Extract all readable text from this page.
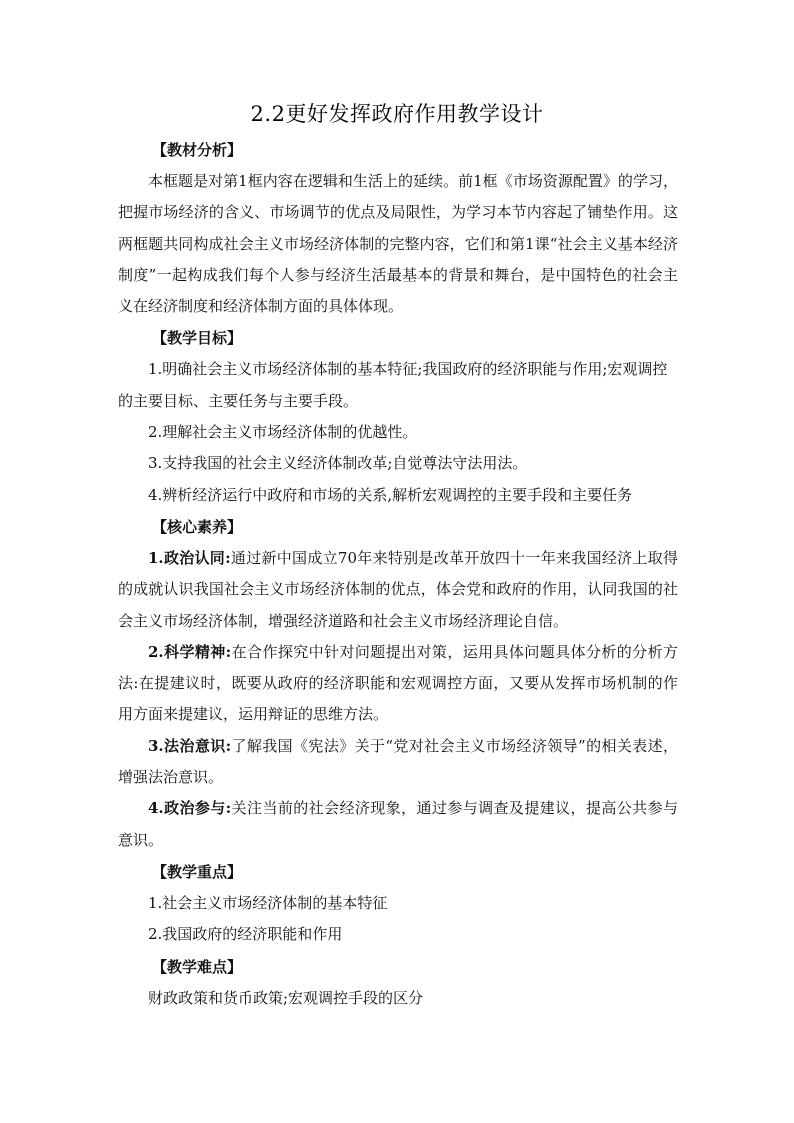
2.2更好发挥政府作用教学设计
【教材分析】

本框题是对第1框内容在逻辑和生活上的延续。前1框《市场资源配置》的学习，把握市场经济的含义、市场调节的优点及局限性，为学习本节内容起了铺垫作用。这两框题共同构成社会主义市场经济体制的完整内容，它们和第1课“社会主义基本经济制度”一起构成我们每个人参与经济生活最基本的背景和舞台，是中国特色的社会主义在经济制度和经济体制方面的具体体现。

【教学目标】

1.明确社会主义市场经济体制的基本特征;我国政府的经济职能与作用;宏观调控的主要目标、主要任务与主要手段。

2.理解社会主义市场经济体制的优越性。

3.支持我国的社会主义经济体制改革;自觉尊法守法用法。

4.辨析经济运行中政府和市场的关系,解析宏观调控的主要手段和主要任务

【核心素养】

1.政治认同:通过新中国成立70年来特别是改革开放四十一年来我国经济上取得的成就认识我国社会主义市场经济体制的优点，体会党和政府的作用，认同我国的社会主义市场经济体制，增强经济道路和社会主义市场经济理论自信。

2.科学精神:在合作探究中针对问题提出对策，运用具体问题具体分析的分析方法:在提建议时，既要从政府的经济职能和宏观调控方面，又要从发挥市场机制的作用方面来提建议，运用辩证的思维方法。

3.法治意识:了解我国《宪法》关于“党对社会主义市场经济领导”的相关表述，增强法治意识。

4.政治参与:关注当前的社会经济现象，通过参与调查及提建议，提高公共参与意识。

【教学重点】

1.社会主义市场经济体制的基本特征

2.我国政府的经济职能和作用

【教学难点】

财政政策和货币政策;宏观调控手段的区分
